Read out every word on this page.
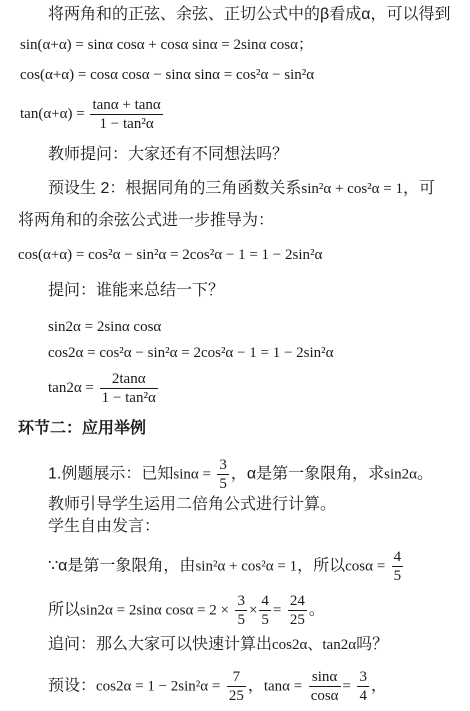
将两角和的正弦、余弦、正切公式中的β看成α，可以得到
sin(α+α) = sinα cosα + cosα sinα = 2sinα cosα；
cos(α+α) = cosα cosα − sinα sinα = cos²α − sin²α
$\tan(\alpha+\alpha) = \frac{\tan\alpha + \tan\alpha}{\text{1 − tan²α}}$
教师提问：大家还有不同想法吗？
预设生 2：根据同角的三角函数关系sin²α + cos²α = 1，可
将两角和的余弦公式进一步推导为：
cos(α+α) = cos²α − sin²α = 2cos²α − 1 = 1 − 2sin²α
提问：谁能来总结一下？
sin2α = 2sinα cosα
cos2α = cos²α − sin²α = 2cos²α − 1 = 1 − 2sin²α
$\tan 2\alpha = \frac{2\tan\alpha}{\text{1 − tan²α}}$
环节二：应用举例
1.例题展示：已知$\sin\alpha = \frac{3}{5}$ ，α是第一象限角，求sin2α。
教师引导学生运用二倍角公式进行计算。
学生自由发言：
∵α是第一象限角，由sin²α + cos²α = 1，所以$\cos\alpha = \frac{4}{5}$
所以sin2α = 2sinα $\cos\alpha = 2 \times \frac{3}{5} \times \frac{4}{5} = \frac{24}{25}$ 。
追问：那么大家可以快速计算出cos2α、tan2α吗？
预设：$\cos 2\alpha = 1 - 2\sin^2\alpha = \frac{7}{25}$ ，$\tan\alpha = \frac{\sin\alpha}{\cos\alpha} = \frac{3}{4}$ ，
